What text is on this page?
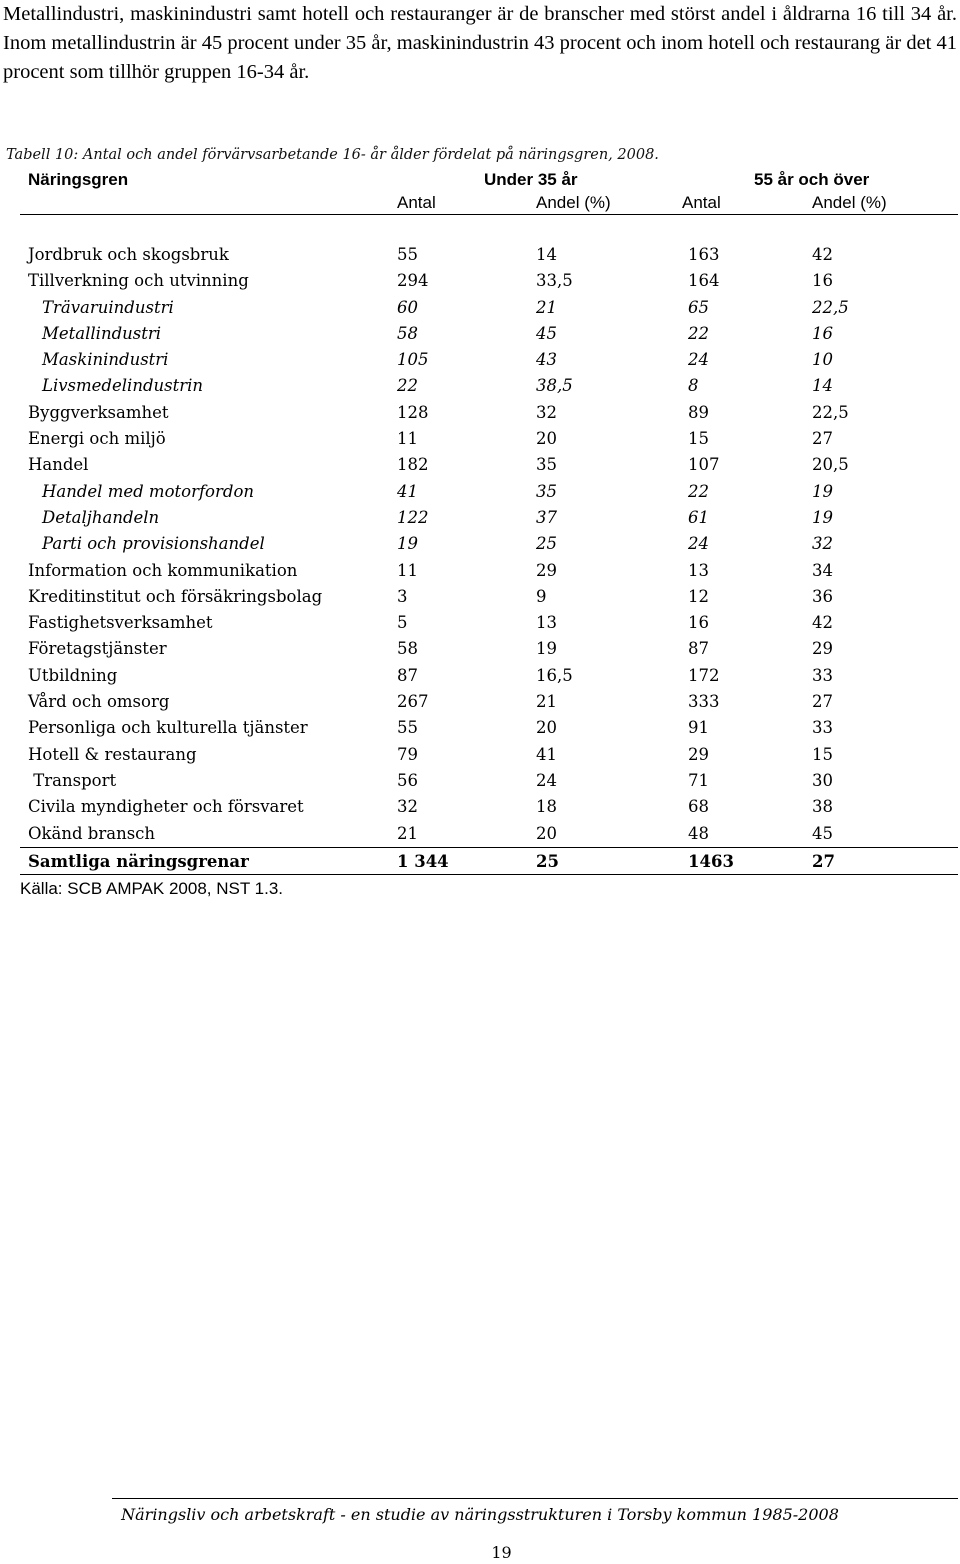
Metallindustri, maskinindustri samt hotell och restauranger är de branscher med störst andel i åldrarna 16 till 34 år. Inom metallindustrin är 45 procent under 35 år, maskinindustrin 43 procent och inom hotell och restaurang är det 41 procent som tillhör gruppen 16-34 år.

Tabell 10: Antal och andel förvärvsarbetande 16- år ålder fördelat på näringsgren, 2008.

Näringsgren	Under 35 år	55 år och över
Antal	Andel (%)	Antal	Andel (%)
Jordbruk och skogsbruk	55	14	163	42
Tillverkning och utvinning	294	33,5	164	16
Trävaruindustri	60	21	65	22,5
Metallindustri	58	45	22	16
Maskinindustri	105	43	24	10
Livsmedelindustrin	22	38,5	8	14
Byggverksamhet	128	32	89	22,5
Energi och miljö	11	20	15	27
Handel	182	35	107	20,5
Handel med motorfordon	41	35	22	19
Detaljhandeln	122	37	61	19
Parti och provisionshandel	19	25	24	32
Information och kommunikation	11	29	13	34
Kreditinstitut och försäkringsbolag	3	9	12	36
Fastighetsverksamhet	5	13	16	42
Företagstjänster	58	19	87	29
Utbildning	87	16,5	172	33
Vård och omsorg	267	21	333	27
Personliga och kulturella tjänster	55	20	91	33
Hotell & restaurang	79	41	29	15
Transport	56	24	71	30
Civila myndigheter och försvaret	32	18	68	38
Okänd bransch	21	20	48	45
Samtliga näringsgrenar	1 344	25	1463	27
Källa: SCB AMPAK 2008, NST 1.3.
Näringsliv och arbetskraft - en studie av näringsstrukturen i Torsby kommun 1985-2008
19
